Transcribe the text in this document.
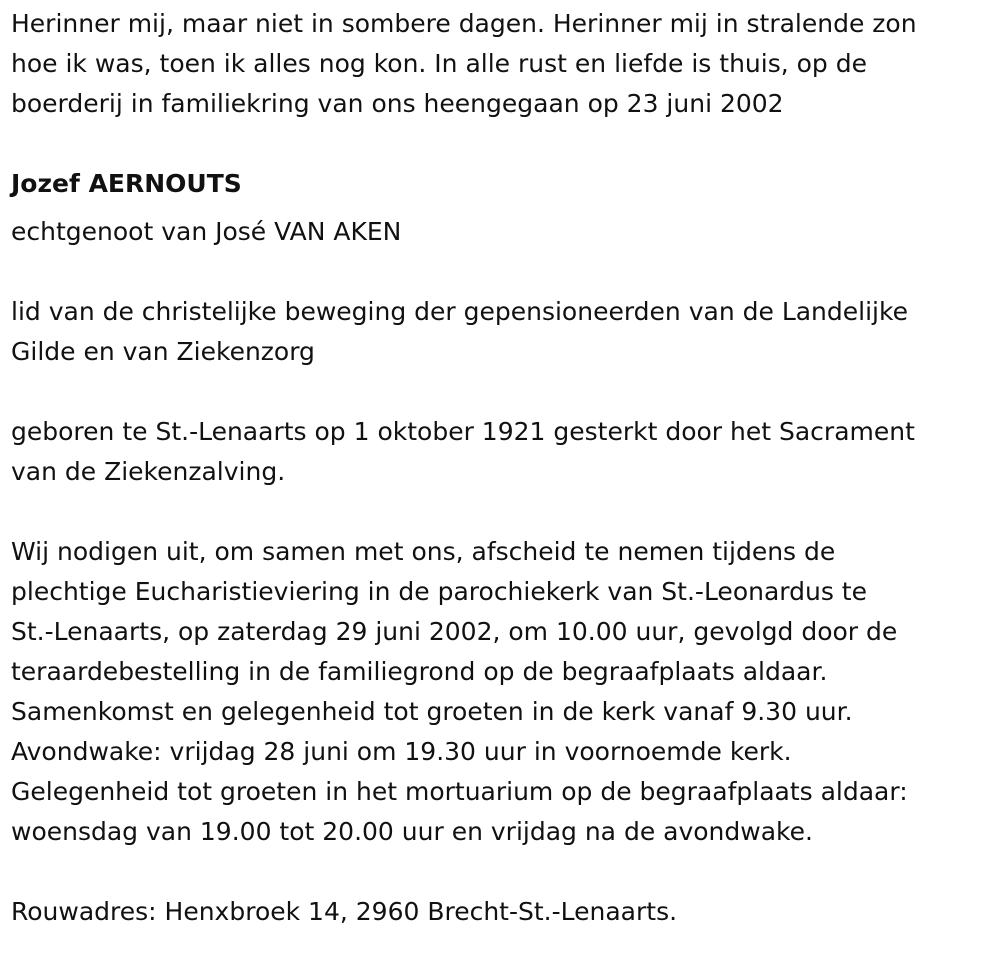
Herinner mij, maar niet in sombere dagen. Herinner mij in stralende zon
hoe ik was, toen ik alles nog kon. In alle rust en liefde is thuis, op de
boerderij in familiekring van ons heengegaan op 23 juni 2002
Jozef AERNOUTS
echtgenoot van José VAN AKEN
lid van de christelijke beweging der gepensioneerden van de Landelijke
Gilde en van Ziekenzorg
geboren te St.-Lenaarts op 1 oktober 1921 gesterkt door het Sacrament
van de Ziekenzalving.
Wij nodigen uit, om samen met ons, afscheid te nemen tijdens de
plechtige Eucharistieviering in de parochiekerk van St.-Leonardus te
St.-Lenaarts, op zaterdag 29 juni 2002, om 10.00 uur, gevolgd door de
teraardebestelling in de familiegrond op de begraafplaats aldaar.
Samenkomst en gelegenheid tot groeten in de kerk vanaf 9.30 uur.
Avondwake: vrijdag 28 juni om 19.30 uur in voornoemde kerk.
Gelegenheid tot groeten in het mortuarium op de begraafplaats aldaar:
woensdag van 19.00 tot 20.00 uur en vrijdag na de avondwake.
Rouwadres: Henxbroek 14, 2960 Brecht-St.-Lenaarts.
